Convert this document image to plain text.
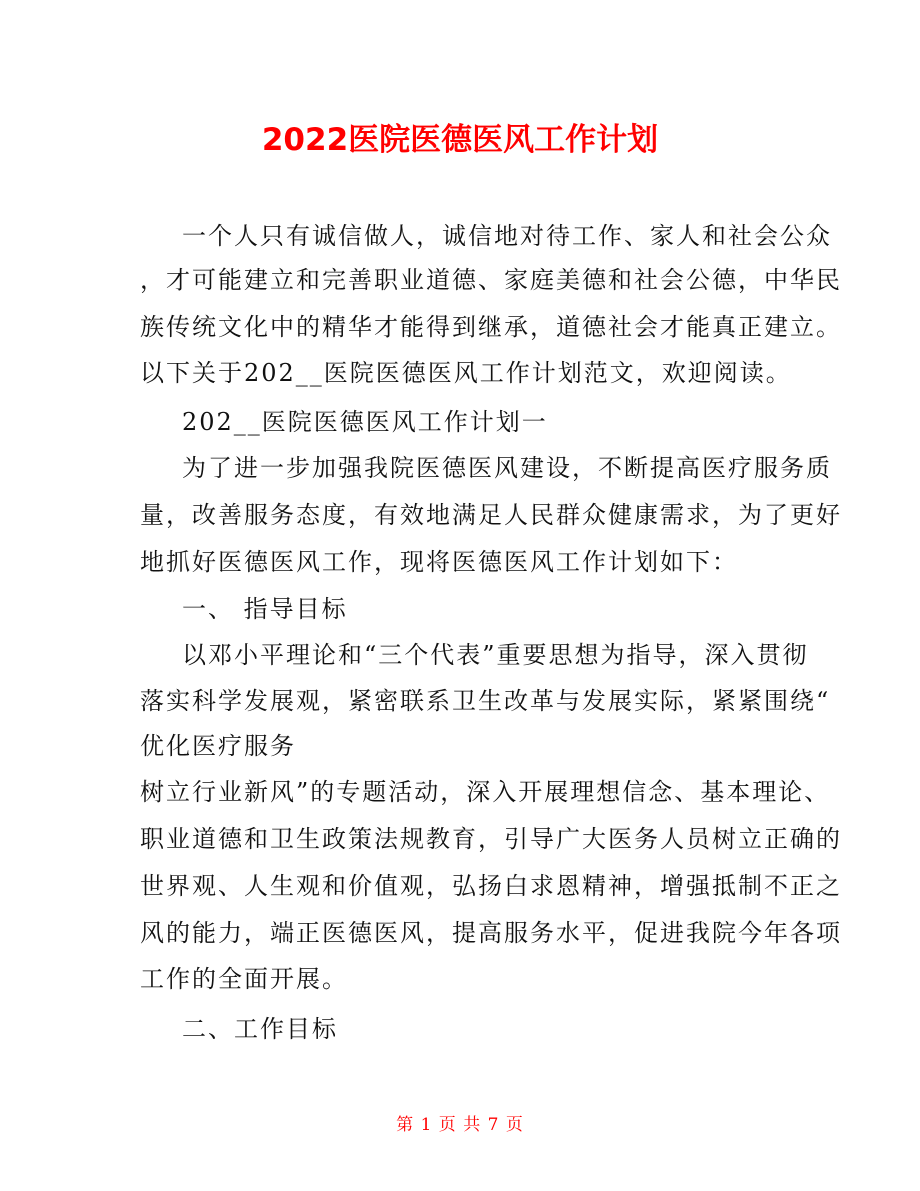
2022医院医德医风工作计划
一个人只有诚信做人，诚信地对待工作、家人和社会公众
，才可能建立和完善职业道德、家庭美德和社会公德，中华民
族传统文化中的精华才能得到继承，道德社会才能真正建立。
以下关于202__医院医德医风工作计划范文，欢迎阅读。
202__医院医德医风工作计划一
为了进一步加强我院医德医风建设，不断提高医疗服务质
量，改善服务态度，有效地满足人民群众健康需求，为了更好
地抓好医德医风工作，现将医德医风工作计划如下：
一、 指导目标
以邓小平理论和“三个代表”重要思想为指导，深入贯彻
落实科学发展观，紧密联系卫生改革与发展实际，紧紧围绕“
优化医疗服务
树立行业新风”的专题活动，深入开展理想信念、基本理论、
职业道德和卫生政策法规教育，引导广大医务人员树立正确的
世界观、人生观和价值观，弘扬白求恩精神，增强抵制不正之
风的能力，端正医德医风，提高服务水平，促进我院今年各项
工作的全面开展。
二、工作目标
第 1 页 共 7 页
